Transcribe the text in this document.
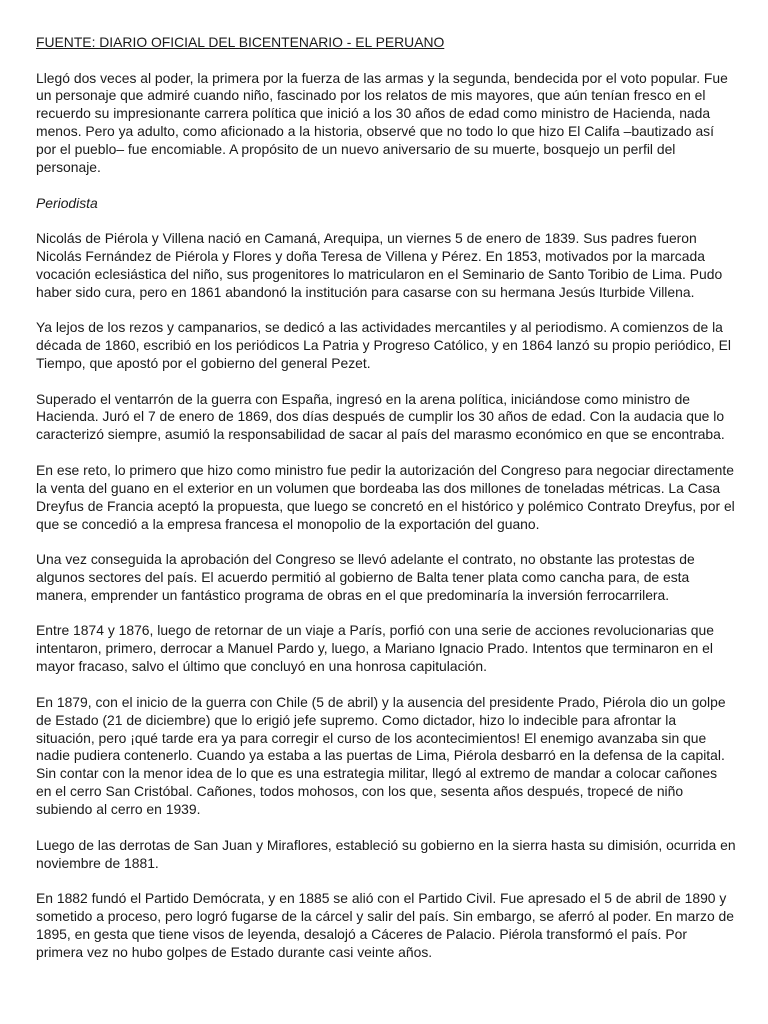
FUENTE: DIARIO OFICIAL DEL BICENTENARIO - EL PERUANO

Llegó dos veces al poder, la primera por la fuerza de las armas y la segunda, bendecida por el voto popular. Fue un personaje que admiré cuando niño, fascinado por los relatos de mis mayores, que aún tenían fresco en el recuerdo su impresionante carrera política que inició a los 30 años de edad como ministro de Hacienda, nada menos. Pero ya adulto, como aficionado a la historia, observé que no todo lo que hizo El Califa –bautizado así por el pueblo– fue encomiable. A propósito de un nuevo aniversario de su muerte, bosquejo un perfil del personaje.

Periodista

Nicolás de Piérola y Villena nació en Camaná, Arequipa, un viernes 5 de enero de 1839. Sus padres fueron Nicolás Fernández de Piérola y Flores y doña Teresa de Villena y Pérez. En 1853, motivados por la marcada vocación eclesiástica del niño, sus progenitores lo matricularon en el Seminario de Santo Toribio de Lima. Pudo haber sido cura, pero en 1861 abandonó la institución para casarse con su hermana Jesús Iturbide Villena.

Ya lejos de los rezos y campanarios, se dedicó a las actividades mercantiles y al periodismo. A comienzos de la década de 1860, escribió en los periódicos La Patria y Progreso Católico, y en 1864 lanzó su propio periódico, El Tiempo, que apostó por el gobierno del general Pezet.

Superado el ventarrón de la guerra con España, ingresó en la arena política, iniciándose como ministro de Hacienda. Juró el 7 de enero de 1869, dos días después de cumplir los 30 años de edad. Con la audacia que lo caracterizó siempre, asumió la responsabilidad de sacar al país del marasmo económico en que se encontraba.

En ese reto, lo primero que hizo como ministro fue pedir la autorización del Congreso para negociar directamente la venta del guano en el exterior en un volumen que bordeaba las dos millones de toneladas métricas. La Casa Dreyfus de Francia aceptó la propuesta, que luego se concretó en el histórico y polémico Contrato Dreyfus, por el que se concedió a la empresa francesa el monopolio de la exportación del guano.

Una vez conseguida la aprobación del Congreso se llevó adelante el contrato, no obstante las protestas de algunos sectores del país. El acuerdo permitió al gobierno de Balta tener plata como cancha para, de esta manera, emprender un fantástico programa de obras en el que predominaría la inversión ferrocarrilera.

Entre 1874 y 1876, luego de retornar de un viaje a París, porfió con una serie de acciones revolucionarias que intentaron, primero, derrocar a Manuel Pardo y, luego, a Mariano Ignacio Prado. Intentos que terminaron en el mayor fracaso, salvo el último que concluyó en una honrosa capitulación.

En 1879, con el inicio de la guerra con Chile (5 de abril) y la ausencia del presidente Prado, Piérola dio un golpe de Estado (21 de diciembre) que lo erigió jefe supremo. Como dictador, hizo lo indecible para afrontar la situación, pero ¡qué tarde era ya para corregir el curso de los acontecimientos! El enemigo avanzaba sin que nadie pudiera contenerlo. Cuando ya estaba a las puertas de Lima, Piérola desbarró en la defensa de la capital. Sin contar con la menor idea de lo que es una estrategia militar, llegó al extremo de mandar a colocar cañones en el cerro San Cristóbal. Cañones, todos mohosos, con los que, sesenta años después, tropecé de niño subiendo al cerro en 1939.

Luego de las derrotas de San Juan y Miraflores, estableció su gobierno en la sierra hasta su dimisión, ocurrida en noviembre de 1881.

En 1882 fundó el Partido Demócrata, y en 1885 se alió con el Partido Civil. Fue apresado el 5 de abril de 1890 y sometido a proceso, pero logró fugarse de la cárcel y salir del país. Sin embargo, se aferró al poder. En marzo de 1895, en gesta que tiene visos de leyenda, desalojó a Cáceres de Palacio. Piérola transformó el país. Por primera vez no hubo golpes de Estado durante casi veinte años.
